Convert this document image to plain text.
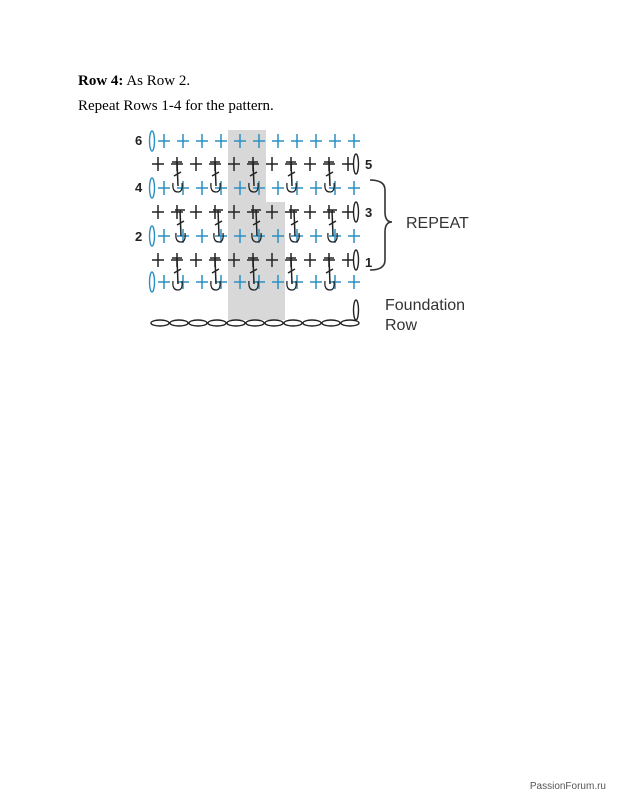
Row 4: As Row 2.
Repeat Rows 1-4 for the pattern.
6
4
2
5
3
1
REPEAT
Foundation
Row
PassionForum.ru
